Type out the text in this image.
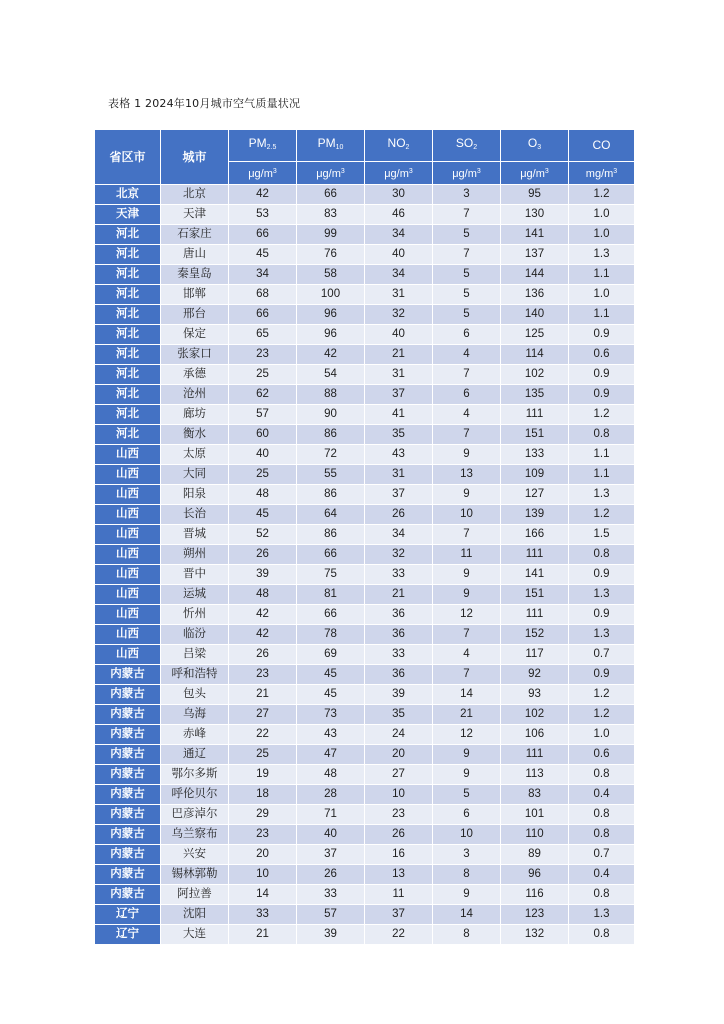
表格 1 2024年10月城市空气质量状况
省区市	城市	$PM_{2.5}$	$PM_{10}$	$NO_2$	$SO_2$	$O_3$	CO
		$\mu g/m^3$	$\mu g/m^3$	$\mu g/m^3$	$\mu g/m^3$	$\mu g/m^3$	$mg/m^3$
北京	北京	42	66	30	3	95	1.2
天津	天津	53	83	46	7	130	1.0
河北	石家庄	66	99	34	5	141	1.0
河北	唐山	45	76	40	7	137	1.3
河北	秦皇岛	34	58	34	5	144	1.1
河北	邯郸	68	100	31	5	136	1.0
河北	邢台	66	96	32	5	140	1.1
河北	保定	65	96	40	6	125	0.9
河北	张家口	23	42	21	4	114	0.6
河北	承德	25	54	31	7	102	0.9
河北	沧州	62	88	37	6	135	0.9
河北	廊坊	57	90	41	4	111	1.2
河北	衡水	60	86	35	7	151	0.8
山西	太原	40	72	43	9	133	1.1
山西	大同	25	55	31	13	109	1.1
山西	阳泉	48	86	37	9	127	1.3
山西	长治	45	64	26	10	139	1.2
山西	晋城	52	86	34	7	166	1.5
山西	朔州	26	66	32	11	111	0.8
山西	晋中	39	75	33	9	141	0.9
山西	运城	48	81	21	9	151	1.3
山西	忻州	42	66	36	12	111	0.9
山西	临汾	42	78	36	7	152	1.3
山西	吕梁	26	69	33	4	117	0.7
内蒙古	呼和浩特	23	45	36	7	92	0.9
内蒙古	包头	21	45	39	14	93	1.2
内蒙古	乌海	27	73	35	21	102	1.2
内蒙古	赤峰	22	43	24	12	106	1.0
内蒙古	通辽	25	47	20	9	111	0.6
内蒙古	鄂尔多斯	19	48	27	9	113	0.8
内蒙古	呼伦贝尔	18	28	10	5	83	0.4
内蒙古	巴彦淖尔	29	71	23	6	101	0.8
内蒙古	乌兰察布	23	40	26	10	110	0.8
内蒙古	兴安	20	37	16	3	89	0.7
内蒙古	锡林郭勒	10	26	13	8	96	0.4
内蒙古	阿拉善	14	33	11	9	116	0.8
辽宁	沈阳	33	57	37	14	123	1.3
辽宁	大连	21	39	22	8	132	0.8
